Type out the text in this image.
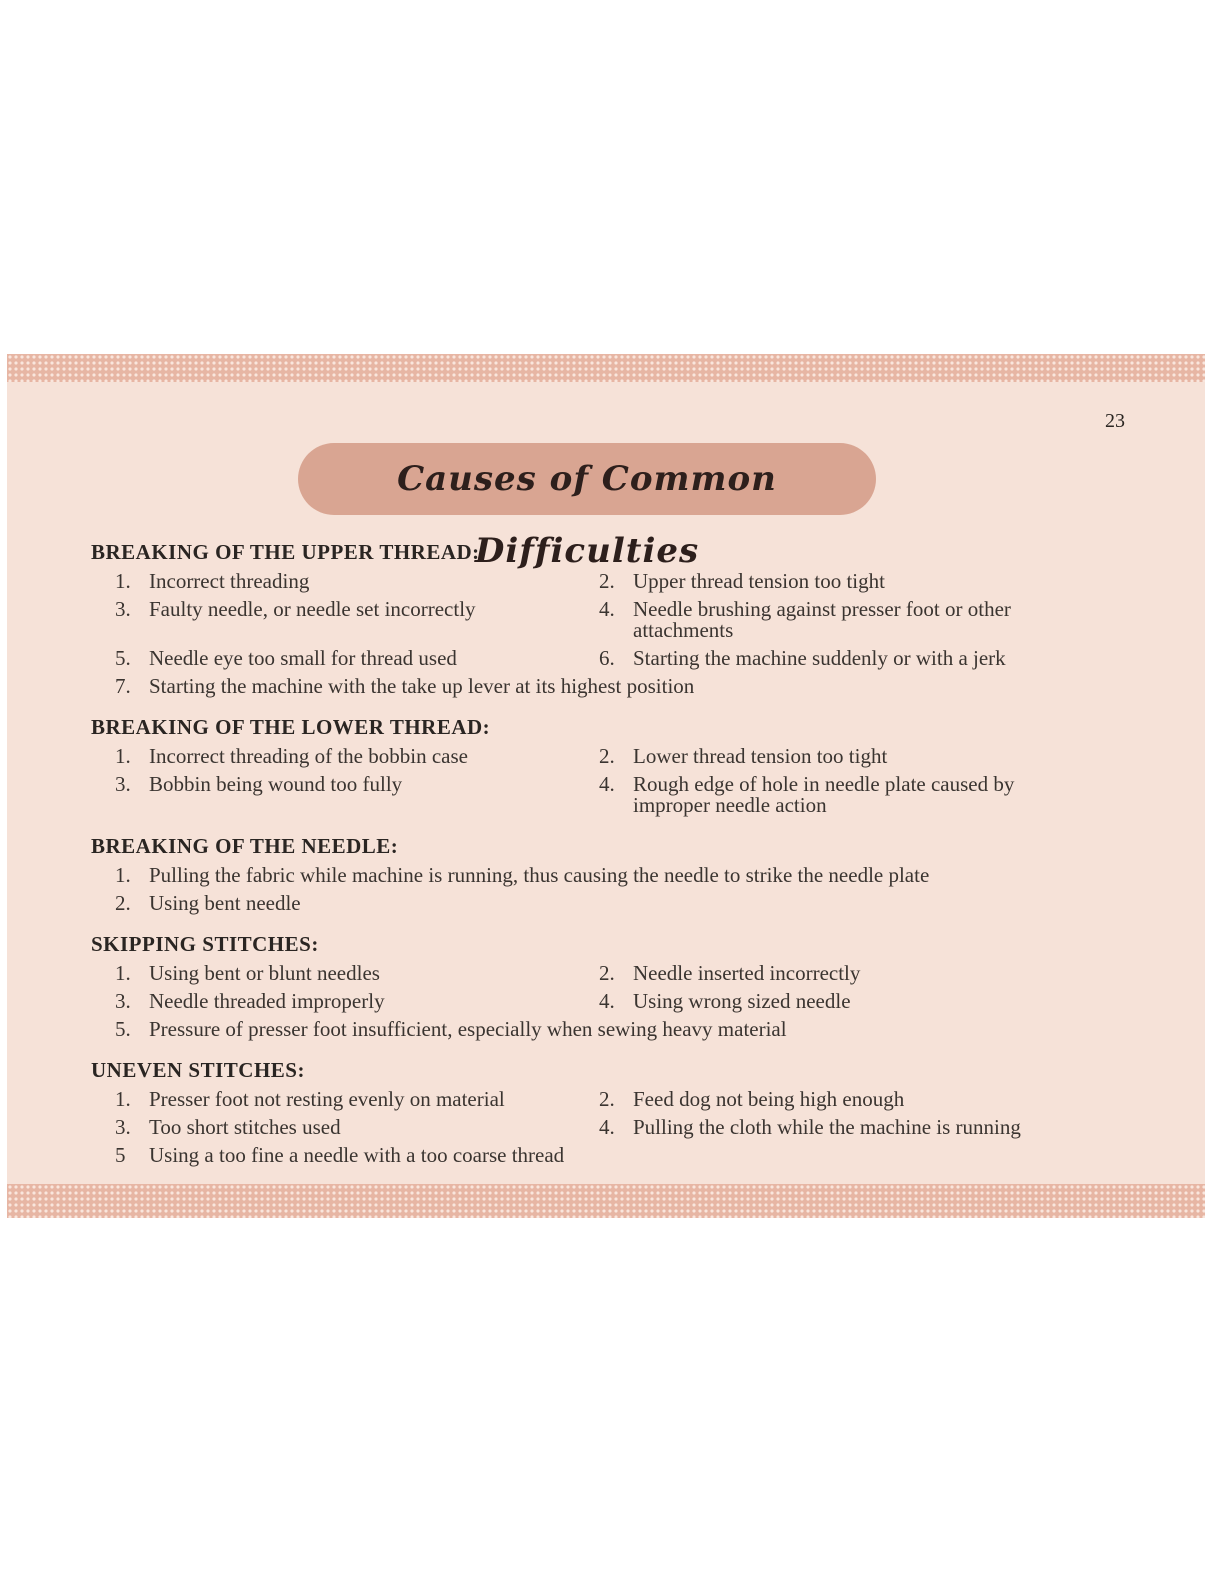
23
Causes of Common Difficulties
BREAKING OF THE UPPER THREAD:
1. Incorrect threading	2. Upper thread tension too tight
3. Faulty needle, or needle set incorrectly	4. Needle brushing against presser foot or other attachments
5. Needle eye too small for thread used	6. Starting the machine suddenly or with a jerk
7. Starting the machine with the take up lever at its highest position
BREAKING OF THE LOWER THREAD:
1. Incorrect threading of the bobbin case	2. Lower thread tension too tight
3. Bobbin being wound too fully	4. Rough edge of hole in needle plate caused by improper needle action
BREAKING OF THE NEEDLE:
1. Pulling the fabric while machine is running, thus causing the needle to strike the needle plate
2. Using bent needle
SKIPPING STITCHES:
1. Using bent or blunt needles	2. Needle inserted incorrectly
3. Needle threaded improperly	4. Using wrong sized needle
5. Pressure of presser foot insufficient, especially when sewing heavy material
UNEVEN STITCHES:
1. Presser foot not resting evenly on material	2. Feed dog not being high enough
3. Too short stitches used	4. Pulling the cloth while the machine is running
5	Using a too fine a needle with a too coarse thread
